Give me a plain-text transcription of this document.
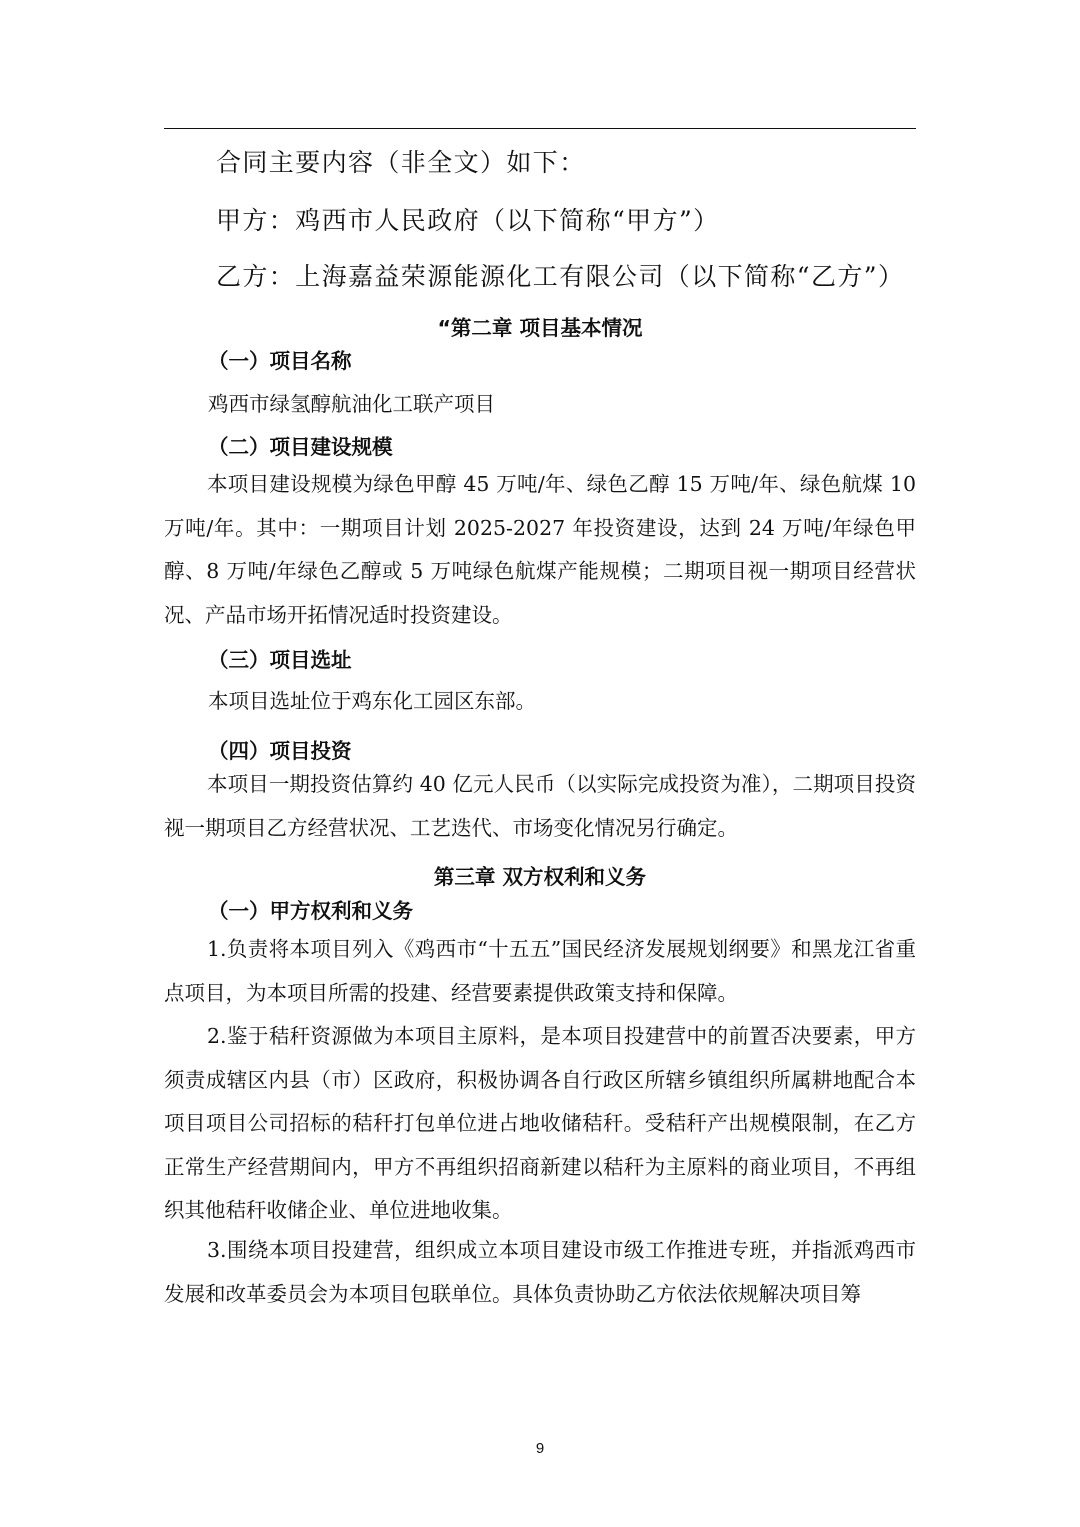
合同主要内容（非全文）如下：
甲方：鸡西市人民政府（以下简称“甲方”）
乙方：上海嘉益荣源能源化工有限公司（以下简称“乙方”）
“第二章 项目基本情况
（一）项目名称
鸡西市绿氢醇航油化工联产项目
（二）项目建设规模
本项目建设规模为绿色甲醇 45 万吨/年、绿色乙醇 15 万吨/年、绿色航煤 10 万吨/年。其中：一期项目计划 2025-2027 年投资建设，达到 24 万吨/年绿色甲醇、8 万吨/年绿色乙醇或 5 万吨绿色航煤产能规模；二期项目视一期项目经营状况、产品市场开拓情况适时投资建设。
（三）项目选址
本项目选址位于鸡东化工园区东部。
（四）项目投资
本项目一期投资估算约 40 亿元人民币（以实际完成投资为准），二期项目投资视一期项目乙方经营状况、工艺迭代、市场变化情况另行确定。
第三章 双方权利和义务
（一）甲方权利和义务
1.负责将本项目列入《鸡西市“十五五”国民经济发展规划纲要》和黑龙江省重点项目，为本项目所需的投建、经营要素提供政策支持和保障。
2.鉴于秸秆资源做为本项目主原料，是本项目投建营中的前置否决要素，甲方须责成辖区内县（市）区政府，积极协调各自行政区所辖乡镇组织所属耕地配合本项目项目公司招标的秸秆打包单位进占地收储秸秆。受秸秆产出规模限制，在乙方正常生产经营期间内，甲方不再组织招商新建以秸秆为主原料的商业项目，不再组织其他秸秆收储企业、单位进地收集。
3.围绕本项目投建营，组织成立本项目建设市级工作推进专班，并指派鸡西市发展和改革委员会为本项目包联单位。具体负责协助乙方依法依规解决项目筹
9
